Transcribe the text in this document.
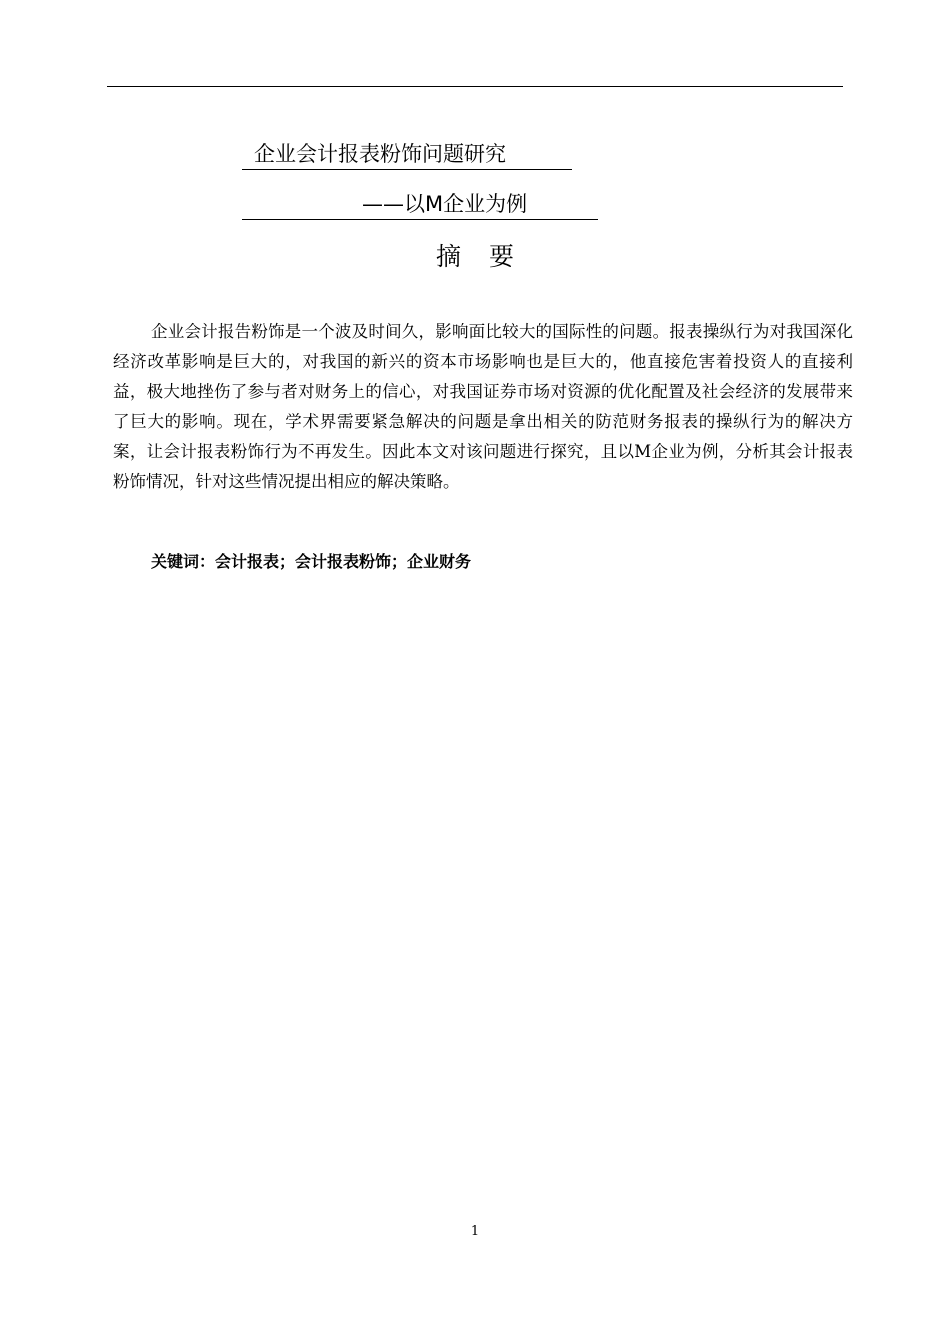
企业会计报表粉饰问题研究
——以M企业为例
摘要

企业会计报告粉饰是一个波及时间久，影响面比较大的国际性的问题。报表操纵行为对我国深化经济改革影响是巨大的，对我国的新兴的资本市场影响也是巨大的，他直接危害着投资人的直接利益，极大地挫伤了参与者对财务上的信心，对我国证券市场对资源的优化配置及社会经济的发展带来了巨大的影响。现在，学术界需要紧急解决的问题是拿出相关的防范财务报表的操纵行为的解决方案，让会计报表粉饰行为不再发生。因此本文对该问题进行探究，且以M企业为例，分析其会计报表粉饰情况，针对这些情况提出相应的解决策略。

关键词：会计报表；会计报表粉饰；企业财务
1
